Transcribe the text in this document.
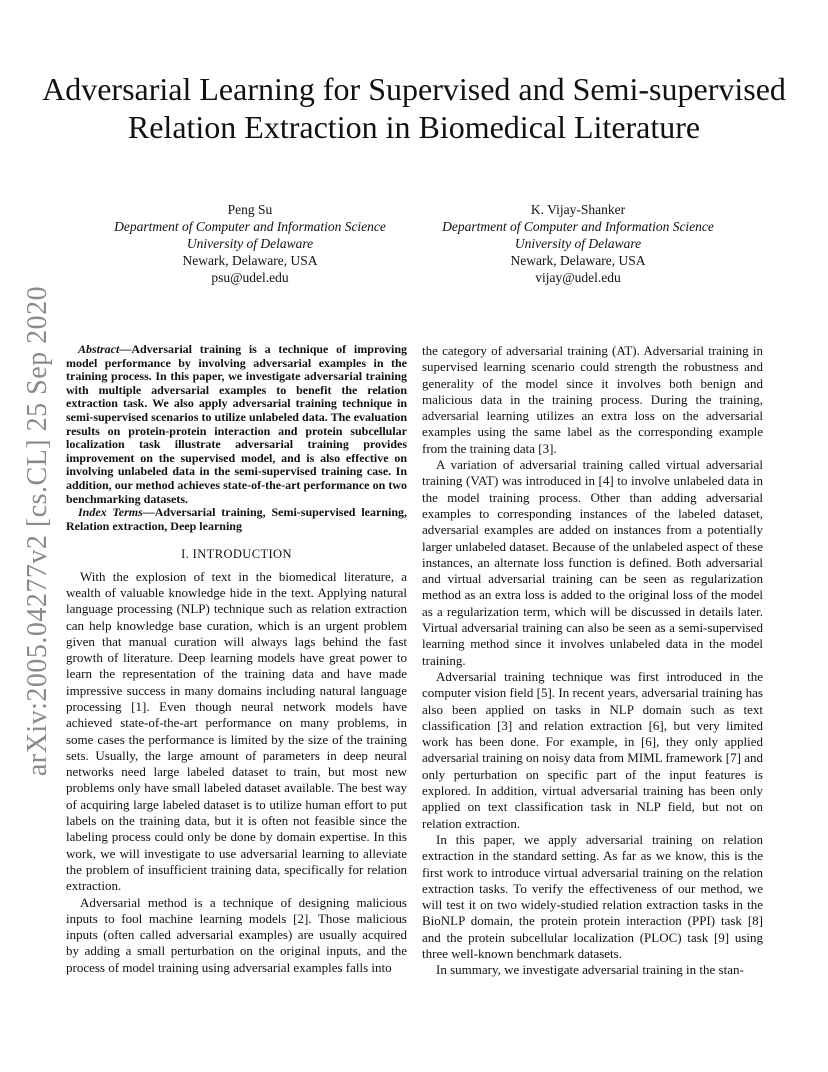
arXiv:2005.04277v2 [cs.CL] 25 Sep 2020
Adversarial Learning for Supervised and Semi-supervised Relation Extraction in Biomedical Literature
Peng Su
Department of Computer and Information Science
University of Delaware
Newark, Delaware, USA
psu@udel.edu
K. Vijay-Shanker
Department of Computer and Information Science
University of Delaware
Newark, Delaware, USA
vijay@udel.edu

Abstract—Adversarial training is a technique of improving model performance by involving adversarial examples in the training process. In this paper, we investigate adversarial training with multiple adversarial examples to benefit the relation extraction task. We also apply adversarial training technique in semi-supervised scenarios to utilize unlabeled data. The evaluation results on protein-protein interaction and protein subcellular localization task illustrate adversarial training provides improvement on the supervised model, and is also effective on involving unlabeled data in the semi-supervised training case. In addition, our method achieves state-of-the-art performance on two benchmarking datasets.

Index Terms—Adversarial training, Semi-supervised learning, Relation extraction, Deep learning

I. INTRODUCTION

With the explosion of text in the biomedical literature, a wealth of valuable knowledge hide in the text. Applying natural language processing (NLP) technique such as relation extraction can help knowledge base curation, which is an urgent problem given that manual curation will always lags behind the fast growth of literature. Deep learning models have great power to learn the representation of the training data and have made impressive success in many domains including natural language processing [1]. Even though neural network models have achieved state-of-the-art performance on many problems, in some cases the performance is limited by the size of the training sets. Usually, the large amount of parameters in deep neural networks need large labeled dataset to train, but most new problems only have small labeled dataset available. The best way of acquiring large labeled dataset is to utilize human effort to put labels on the training data, but it is often not feasible since the labeling process could only be done by domain expertise. In this work, we will investigate to use adversarial learning to alleviate the problem of insufficient training data, specifically for relation extraction.

Adversarial method is a technique of designing malicious inputs to fool machine learning models [2]. Those malicious inputs (often called adversarial examples) are usually acquired by adding a small perturbation on the original inputs, and the process of model training using adversarial examples falls into

the category of adversarial training (AT). Adversarial training in supervised learning scenario could strength the robustness and generality of the model since it involves both benign and malicious data in the training process. During the training, adversarial learning utilizes an extra loss on the adversarial examples using the same label as the corresponding example from the training data [3].

A variation of adversarial training called virtual adversarial training (VAT) was introduced in [4] to involve unlabeled data in the model training process. Other than adding adversarial examples to corresponding instances of the labeled dataset, adversarial examples are added on instances from a potentially larger unlabeled dataset. Because of the unlabeled aspect of these instances, an alternate loss function is defined. Both adversarial and virtual adversarial training can be seen as regularization method as an extra loss is added to the original loss of the model as a regularization term, which will be discussed in details later. Virtual adversarial training can also be seen as a semi-supervised learning method since it involves unlabeled data in the model training.

Adversarial training technique was first introduced in the computer vision field [5]. In recent years, adversarial training has also been applied on tasks in NLP domain such as text classification [3] and relation extraction [6], but very limited work has been done. For example, in [6], they only applied adversarial training on noisy data from MIML framework [7] and only perturbation on specific part of the input features is explored. In addition, virtual adversarial training has been only applied on text classification task in NLP field, but not on relation extraction.

In this paper, we apply adversarial training on relation extraction in the standard setting. As far as we know, this is the first work to introduce virtual adversarial training on the relation extraction tasks. To verify the effectiveness of our method, we will test it on two widely-studied relation extraction tasks in the BioNLP domain, the protein protein interaction (PPI) task [8] and the protein subcellular localization (PLOC) task [9] using three well-known benchmark datasets.

In summary, we investigate adversarial training in the stan-
